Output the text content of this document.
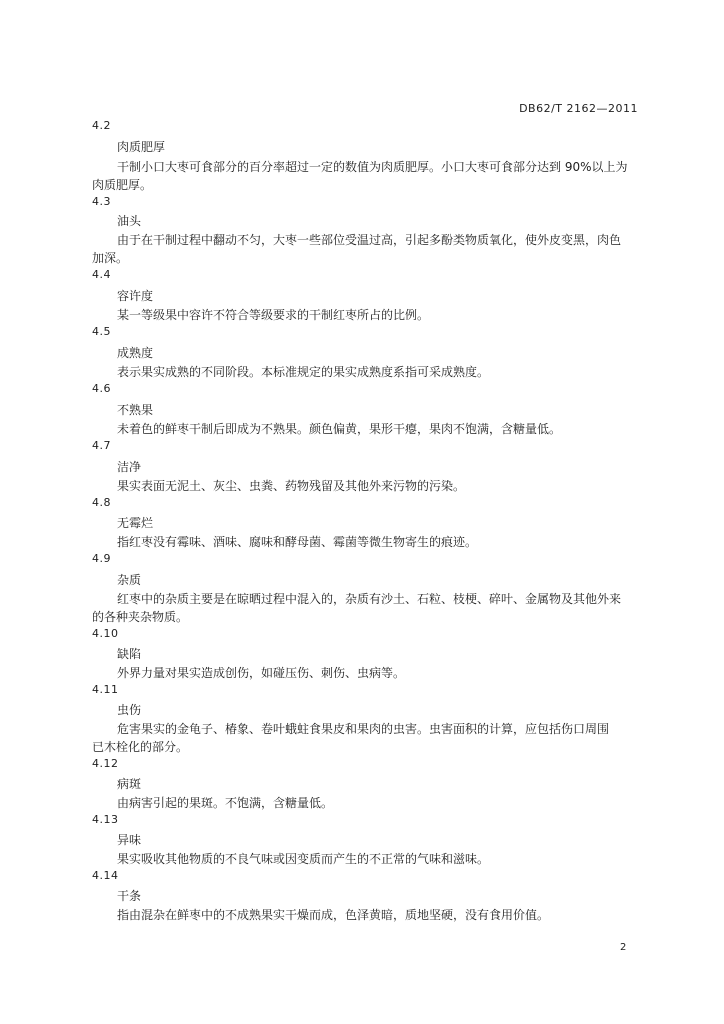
DB62/T 2162—2011
4.2
肉质肥厚
干制小口大枣可食部分的百分率超过一定的数值为肉质肥厚。小口大枣可食部分达到 90%以上为
肉质肥厚。
4.3
油头
由于在干制过程中翻动不匀，大枣一些部位受温过高，引起多酚类物质氧化，使外皮变黑，肉色
加深。
4.4
容许度
某一等级果中容许不符合等级要求的干制红枣所占的比例。
4.5
成熟度
表示果实成熟的不同阶段。本标准规定的果实成熟度系指可采成熟度。
4.6
不熟果
未着色的鲜枣干制后即成为不熟果。颜色偏黄，果形干瘪，果肉不饱满，含糖量低。
4.7
洁净
果实表面无泥土、灰尘、虫粪、药物残留及其他外来污物的污染。
4.8
无霉烂
指红枣没有霉味、酒味、腐味和酵母菌、霉菌等微生物寄生的痕迹。
4.9
杂质
红枣中的杂质主要是在晾晒过程中混入的，杂质有沙土、石粒、枝梗、碎叶、金属物及其他外来
的各种夹杂物质。
4.10
缺陷
外界力量对果实造成创伤，如碰压伤、刺伤、虫病等。
4.11
虫伤
危害果实的金龟子、椿象、卷叶蛾蛀食果皮和果肉的虫害。虫害面积的计算，应包括伤口周围
已木栓化的部分。
4.12
病斑
由病害引起的果斑。不饱满，含糖量低。
4.13
异味
果实吸收其他物质的不良气味或因变质而产生的不正常的气味和滋味。
4.14
干条
指由混杂在鲜枣中的不成熟果实干燥而成，色泽黄暗，质地坚硬，没有食用价值。
2
